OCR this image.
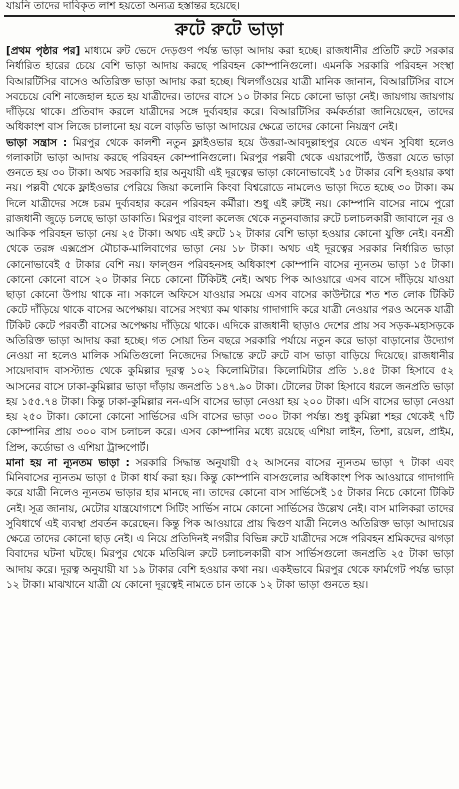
যায়নি তাদের দাবিকৃত লাশ হয়তো অন্যত্র হস্তান্তর হয়েছে।
রুটে রুটে ভাড়া

[প্রথম পৃষ্ঠার পর] মাধ্যমে রুট ভেদে দেড়গুণ পর্যন্ত ভাড়া আদায় করা হচ্ছে। রাজধানীর প্রতিটি রুটে সরকার নির্ধারিত হারের চেয়ে বেশি ভাড়া আদায় করছে পরিবহন কোম্পানিগুলো। এমনকি সরকারি পরিবহন সংস্থা বিআরটিসির বাসেও অতিরিক্ত ভাড়া আদায় করা হচ্ছে। খিলগাঁওয়ের যাত্রী মানিক জানান, বিআরটিসির বাসে সবচেয়ে বেশি নাজেহাল হতে হয় যাত্রীদের। তাদের বাসে ১০ টাকার নিচে কোনো ভাড়া নেই। জায়গায় জায়গায় দাঁড়িয়ে থাকে। প্রতিবাদ করলে যাত্রীদের সঙ্গে দুর্ব্যবহার করে। বিআরটিসির কর্মকর্তারা জানিয়েছেন, তাদের অধিকাংশ বাস লিজে চালানো হয় বলে বাড়তি ভাড়া আদায়ের ক্ষেত্রে তাদের কোনো নিয়ন্ত্রণ নেই।

ভাড়া সন্ত্রাস : মিরপুর থেকে কালশী নতুন ফ্লাইওভার হয়ে উত্তরা-আবদুল্লাহপুর যেতে এখন সুবিধা হলেও গলাকাটা ভাড়া আদায় করছে পরিবহন কোম্পানিগুলো। মিরপুর পল্লবী থেকে এয়ারপোর্ট, উত্তরা যেতে ভাড়া গুনতে হয় ৩০ টাকা। অথচ সরকারি হার অনুযায়ী এই দূরত্বের ভাড়া কোনোভাবেই ১৫ টাকার বেশি হওয়ার কথা নয়। পল্লবী থেকে ফ্লাইওভার পেরিয়ে জিয়া কলোনি কিংবা বিশ্বরোডে নামলেও ভাড়া দিতে হচ্ছে ৩০ টাকা। কম দিলে যাত্রীদের সঙ্গে চরম দুর্ব্যবহার করেন পরিবহন কর্মীরা। শুধু এই রুটই নয়। কোম্পানি বাসের নামে পুরো রাজধানী জুড়ে চলছে ভাড়া ডাকাতি। মিরপুর বাংলা কলেজ থেকে নতুনবাজার রুটে চলাচলকারী জাবালে নূর ও আকিক পরিবহন ভাড়া নেয় ২৫ টাকা। অথচ এই রুটে ১২ টাকার বেশি ভাড়া হওয়ার কোনো যুক্তি নেই। বনশ্রী থেকে তরঙ্গ এক্সপ্রেস মৌচাক-মালিবাগের ভাড়া নেয় ১৮ টাকা। অথচ এই দূরত্বের সরকার নির্ধারিত ভাড়া কোনোভাবেই ৫ টাকার বেশি নয়। ফাল্গুন পরিবহনসহ অধিকাংশ কোম্পানি বাসের ন্যূনতম ভাড়া ১৫ টাকা। কোনো কোনো বাসে ২০ টাকার নিচে কোনো টিকিটই নেই। অথচ পিক আওয়ারে এসব বাসে দাঁড়িয়ে যাওয়া ছাড়া কোনো উপায় থাকে না। সকালে অফিসে যাওয়ার সময়ে এসব বাসের কাউন্টারে শত শত লোক টিকিট কেটে দাঁড়িয়ে থাকে বাসের অপেক্ষায়। বাসের সংখ্যা কম থাকায় গাদাগাদি করে যাত্রী নেওয়ার পরও অনেক যাত্রী টিকিট কেটে পরবর্তী বাসের অপেক্ষায় দাঁড়িয়ে থাকে। এদিকে রাজধানী ছাড়াও দেশের প্রায় সব সড়ক-মহাসড়কে অতিরিক্ত ভাড়া আদায় করা হচ্ছে। গত সোয়া তিন বছরে সরকারি পর্যায়ে নতুন করে ভাড়া বাড়ানোর উদ্যোগ নেওয়া না হলেও মালিক সমিতিগুলো নিজেদের সিদ্ধান্তে রুটে রুটে বাস ভাড়া বাড়িয়ে দিয়েছে। রাজধানীর সায়েদাবাদ বাসস্ট্যান্ড থেকে কুমিল্লার দূরত্ব ১০২ কিলোমিটার। কিলোমিটার প্রতি ১.৪৫ টাকা হিসাবে ৫২ আসনের বাসে ঢাকা-কুমিল্লার ভাড়া দাঁড়ায় জনপ্রতি ১৪৭.৯০ টাকা। টোলের টাকা হিসাবে ধরলে জনপ্রতি ভাড়া হয় ১৫৫.৭৪ টাকা। কিন্তু ঢাকা-কুমিল্লার নন-এসি বাসের ভাড়া নেওয়া হয় ২০০ টাকা। এসি বাসের ভাড়া নেওয়া হয় ২৫০ টাকা। কোনো কোনো সার্ভিসের এসি বাসের ভাড়া ৩০০ টাকা পর্যন্ত। শুধু কুমিল্লা শহর থেকেই ৭টি কোম্পানির প্রায় ৩০০ বাস চলাচল করে। এসব কোম্পানির মধ্যে রয়েছে এশিয়া লাইন, তিশা, রয়েল, প্রাইম, প্রিন্স, কর্ডোভা ও এশিয়া ট্রান্সপোর্ট।

মানা হয় না ন্যূনতম ভাড়া : সরকারি সিদ্ধান্ত অনুযায়ী ৫২ আসনের বাসের ন্যূনতম ভাড়া ৭ টাকা এবং মিনিবাসের ন্যূনতম ভাড়া ৫ টাকা ধার্য করা হয়। কিন্তু কোম্পানি বাসগুলোর অধিকাংশ পিক আওয়ারে গাদাগাদি করে যাত্রী নিলেও ন্যূনতম ভাড়ার হার মানছে না। তাদের কোনো বাস সার্ভিসেই ১৫ টাকার নিচে কোনো টিকিট নেই। সূত্র জানায়, মেটোর যান্ত্রযোগ্যশে সিটিং সার্ভিস নামে কোনো সার্ভিসের উল্লেখ নেই। বাস মালিকরা তাদের সুবিধার্থে এই ব্যবস্থা প্রবর্তন করেছেন। কিন্তু পিক আওয়ারে প্রায় দ্বিগুণ যাত্রী নিলেও অতিরিক্ত ভাড়া আদায়ের ক্ষেত্রে তাদের কোনো ছাড় নেই। এ নিয়ে প্রতিদিনই নগরীর বিভিন্ন রুটে যাত্রীদের সঙ্গে পরিবহন শ্রমিকদের ঝগড়া বিবাদের ঘটনা ঘটছে। মিরপুর থেকে মতিঝিল রুটে চলাচলকারী বাস সার্ভিসগুলো জনপ্রতি ২৫ টাকা ভাড়া আদায় করে। দূরত্ব অনুযায়ী যা ১৯ টাকার বেশি হওয়ার কথা নয়। একইভাবে মিরপুর থেকে ফার্মগেট পর্যন্ত ভাড়া ১২ টাকা। মাঝখানে যাত্রী যে কোনো দূরত্বেই নামতে চান তাকে ১২ টাকা ভাড়া গুনতে হয়।
